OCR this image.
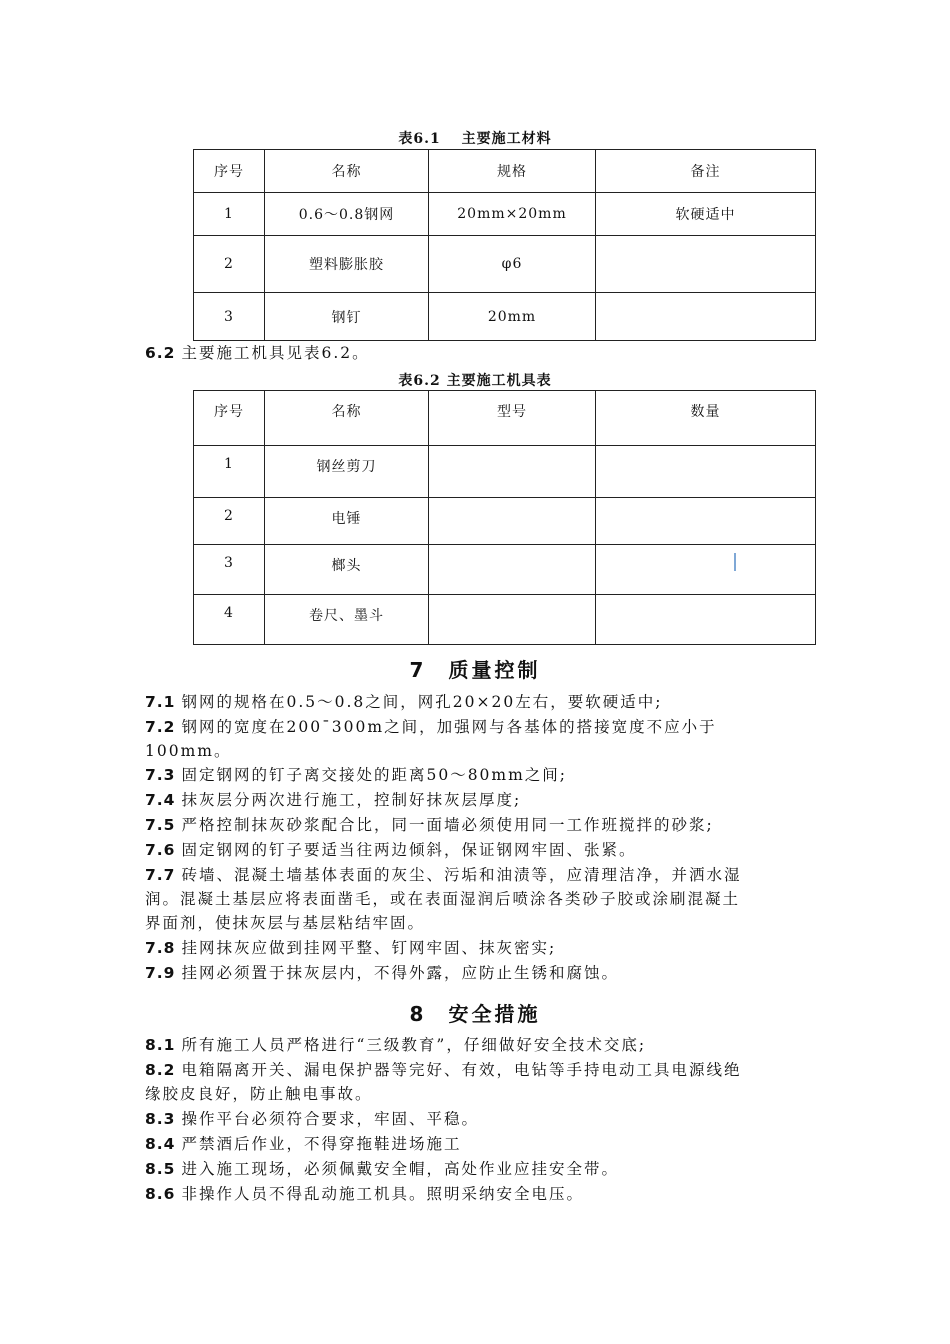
表6.1　 主要施工材料
序号	名称	规格	备注
1	0.6～0.8钢网	20mm×20mm	软硬适中
2	塑料膨胀胶	φ6	
3	钢钉	20mm	
6.2 主要施工机具见表6.2。
表6.2 主要施工机具表
序号	名称	型号	数量
1	钢丝剪刀		
2	电锤		
3	榔头		
4	卷尺、墨斗		
7 质量控制
7.1 钢网的规格在0.5～0.8之间，网孔20×20左右，要软硬适中;
7.2 钢网的宽度在200¯300m之间，加强网与各基体的搭接宽度不应小于
100mm。
7.3 固定钢网的钉子离交接处的距离50～80mm之间;
7.4 抹灰层分两次进行施工，控制好抹灰层厚度;
7.5 严格控制抹灰砂浆配合比，同一面墙必须使用同一工作班搅拌的砂浆;
7.6 固定钢网的钉子要适当往两边倾斜，保证钢网牢固、张紧。
7.7 砖墙、混凝土墙基体表面的灰尘、污垢和油渍等，应清理洁净，并洒水湿
润。混凝土基层应将表面凿毛，或在表面湿润后喷涂各类砂子胶或涂刷混凝土
界面剂，使抹灰层与基层粘结牢固。
7.8 挂网抹灰应做到挂网平整、钉网牢固、抹灰密实;
7.9 挂网必须置于抹灰层内，不得外露，应防止生锈和腐蚀。
8 安全措施
8.1 所有施工人员严格进行“三级教育”，仔细做好安全技术交底;
8.2 电箱隔离开关、漏电保护器等完好、有效，电钻等手持电动工具电源线绝
缘胶皮良好，防止触电事故。
8.3 操作平台必须符合要求，牢固、平稳。
8.4 严禁酒后作业，不得穿拖鞋进场施工
8.5 进入施工现场，必须佩戴安全帽，高处作业应挂安全带。
8.6 非操作人员不得乱动施工机具。照明采纳安全电压。
